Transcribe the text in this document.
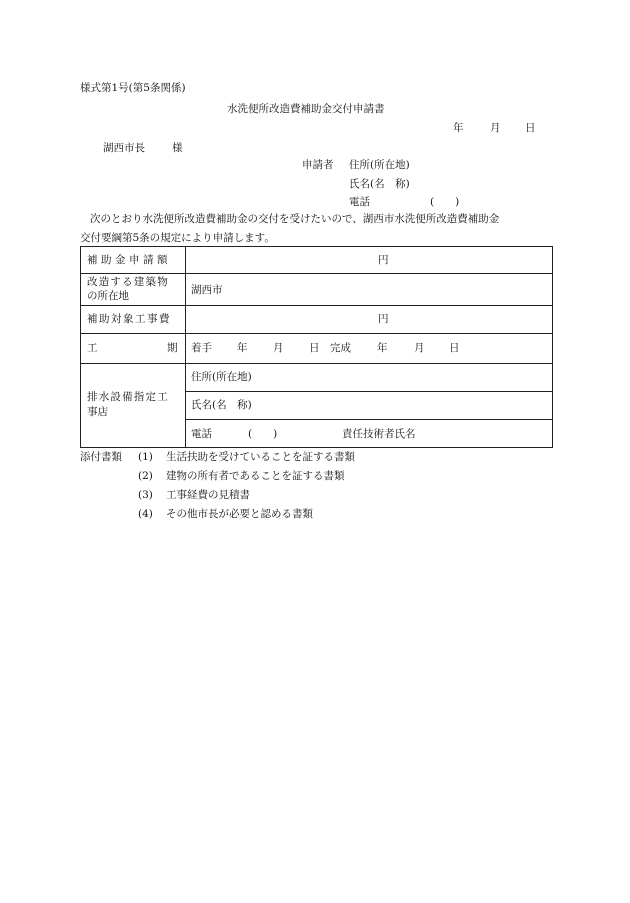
様式第1号(第5条関係)
水洗便所改造費補助金交付申請書
年	月 日
湖西市長	様
申請者 住所(所在地)
氏名(名　称)
電話	(　　)
次のとおり水洗便所改造費補助金の交付を受けたいので、湖西市水洗便所改造費補助金
交付要綱第5条の規定により申請します。
補助金申請額	円
改造する建築物
の所在地	湖西市
補助対象工事費	円
工	期 着手 年 月 日 完成 年	月 日
排水設備指定工
事店
住所(所在地)
氏名(名　称)
電話	(　　)	責任技術者氏名
添付書類 (1) 生活扶助を受けていることを証する書類
(2) 建物の所有者であることを証する書類
(3) 工事経費の見積書
(4) その他市長が必要と認める書類
